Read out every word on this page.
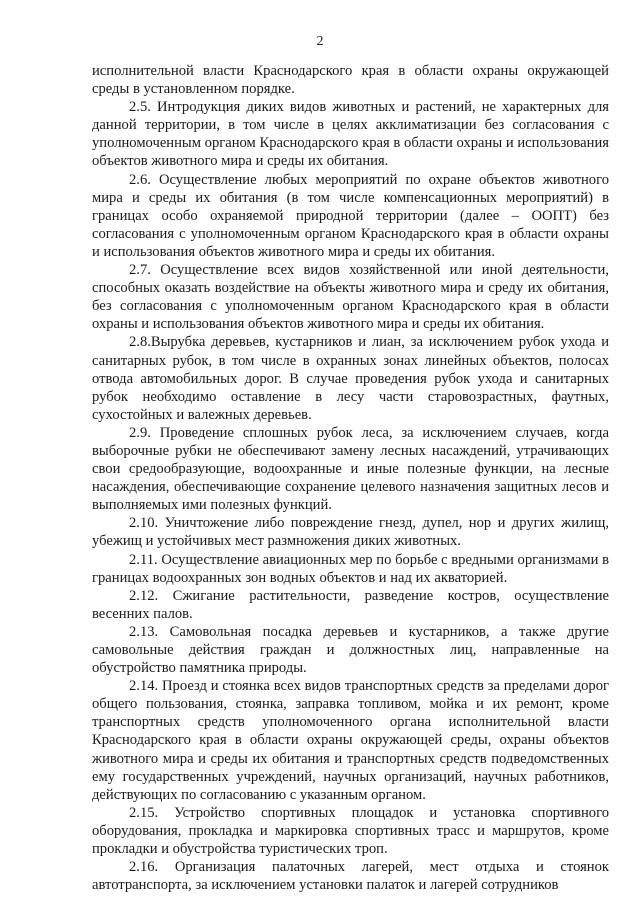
2

исполнительной власти Краснодарского края в области охраны окружающей среды в установленном порядке.

2.5. Интродукция диких видов животных и растений, не характерных для данной территории, в том числе в целях акклиматизации без согласования с уполномоченным органом Краснодарского края в области охраны и использования объектов животного мира и среды их обитания.

2.6. Осуществление любых мероприятий по охране объектов животного мира и среды их обитания (в том числе компенсационных мероприятий) в границах особо охраняемой природной территории (далее – ООПТ) без согласования с уполномоченным органом Краснодарского края в области охраны и использования объектов животного мира и среды их обитания.

2.7. Осуществление всех видов хозяйственной или иной деятельности, способных оказать воздействие на объекты животного мира и среду их обитания, без согласования с уполномоченным органом Краснодарского края в области охраны и использования объектов животного мира и среды их обитания.

2.8.Вырубка деревьев, кустарников и лиан, за исключением рубок ухода и санитарных рубок, в том числе в охранных зонах линейных объектов, полосах отвода автомобильных дорог. В случае проведения рубок ухода и санитарных рубок необходимо оставление в лесу части старовозрастных, фаутных, сухостойных и валежных деревьев.

2.9. Проведение сплошных рубок леса, за исключением случаев, когда выборочные рубки не обеспечивают замену лесных насаждений, утрачивающих свои средообразующие, водоохранные и иные полезные функции, на лесные насаждения, обеспечивающие сохранение целевого назначения защитных лесов и выполняемых ими полезных функций.

2.10. Уничтожение либо повреждение гнезд, дупел, нор и других жилищ, убежищ и устойчивых мест размножения диких животных.

2.11. Осуществление авиационных мер по борьбе с вредными организмами в границах водоохранных зон водных объектов и над их акваторией.

2.12. Сжигание растительности, разведение костров, осуществление весенних палов.

2.13. Самовольная посадка деревьев и кустарников, а также другие самовольные действия граждан и должностных лиц, направленные на обустройство памятника природы.

2.14. Проезд и стоянка всех видов транспортных средств за пределами дорог общего пользования, стоянка, заправка топливом, мойка и их ремонт, кроме транспортных средств уполномоченного органа исполнительной власти Краснодарского края в области охраны окружающей среды, охраны объектов животного мира и среды их обитания и транспортных средств подведомственных ему государственных учреждений, научных организаций, научных работников, действующих по согласованию с указанным органом.

2.15. Устройство спортивных площадок и установка спортивного оборудования, прокладка и маркировка спортивных трасс и маршрутов, кроме прокладки и обустройства туристических троп.

2.16. Организация палаточных лагерей, мест отдыха и стоянок автотранспорта, за исключением установки палаток и лагерей сотрудников
